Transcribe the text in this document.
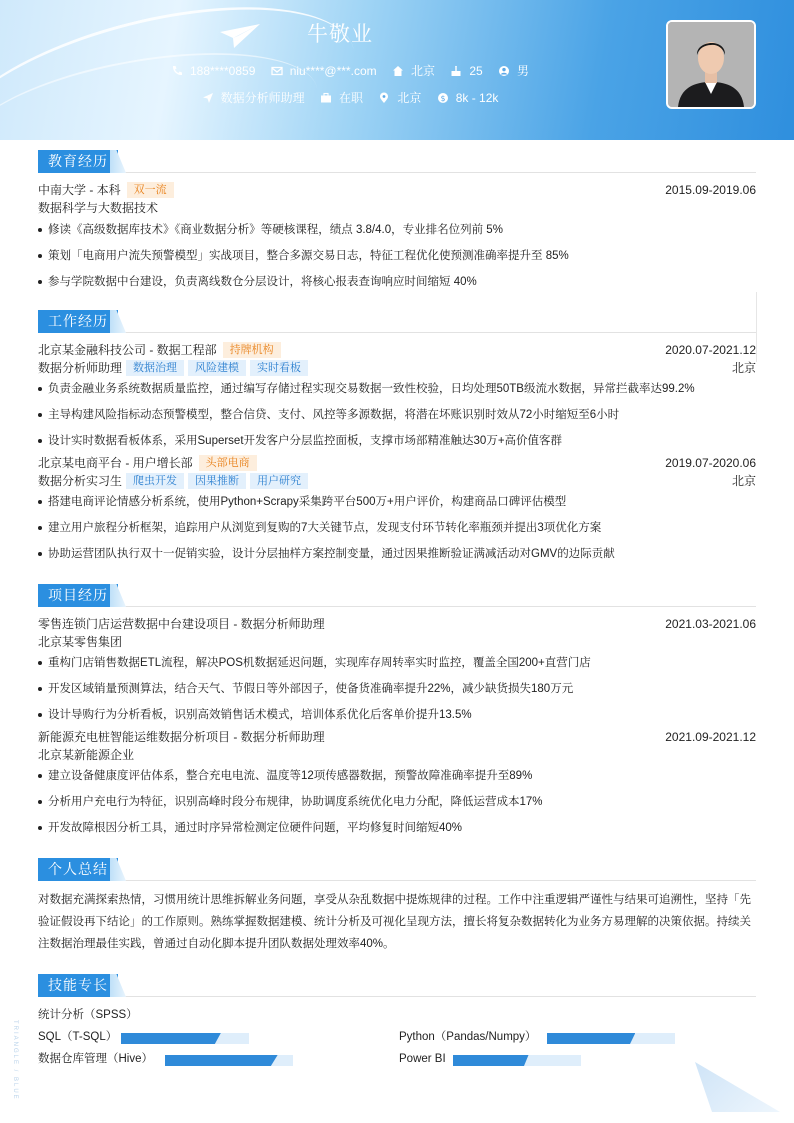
牛敬业
188****0859
	niu****@***.com
	北京
	25
	男
数据分析师助理
	在职
	北京
	$ 8k - 12k
教育经历
中南大学 - 本科 双一流	2015.09-2019.06
数据科学与大数据技术
修读《高级数据库技术》《商业数据分析》等硬核课程，绩点 3.8/4.0，专业排名位列前 5%
策划「电商用户流失预警模型」实战项目，整合多源交易日志，特征工程优化使预测准确率提升至 85%
参与学院数据中台建设，负责离线数仓分层设计，将核心报表查询响应时间缩短 40%
工作经历
北京某金融科技公司 - 数据工程部 持牌机构	2020.07-2021.12
数据分析师助理 数据治理 风险建模 实时看板	北京
负责金融业务系统数据质量监控，通过编写存储过程实现交易数据一致性校验，日均处理50TB级流水数据，异常拦截率达99.2%
主导构建风险指标动态预警模型，整合信贷、支付、风控等多源数据，将潜在坏账识别时效从72小时缩短至6小时
设计实时数据看板体系，采用Superset开发客户分层监控面板，支撑市场部精准触达30万+高价值客群
北京某电商平台 - 用户增长部 头部电商	2019.07-2020.06
数据分析实习生 爬虫开发 因果推断 用户研究	北京
搭建电商评论情感分析系统，使用Python+Scrapy采集跨平台500万+用户评价，构建商品口碑评估模型
建立用户旅程分析框架，追踪用户从浏览到复购的7大关键节点，发现支付环节转化率瓶颈并提出3项优化方案
协助运营团队执行双十一促销实验，设计分层抽样方案控制变量，通过因果推断验证满减活动对GMV的边际贡献
项目经历
零售连锁门店运营数据中台建设项目 - 数据分析师助理	2021.03-2021.06
北京某零售集团
重构门店销售数据ETL流程，解决POS机数据延迟问题，实现库存周转率实时监控，覆盖全国200+直营门店
开发区域销量预测算法，结合天气、节假日等外部因子，使备货准确率提升22%，减少缺货损失180万元
设计导购行为分析看板，识别高效销售话术模式，培训体系优化后客单价提升13.5%
新能源充电桩智能运维数据分析项目 - 数据分析师助理	2021.09-2021.12
北京某新能源企业
建立设备健康度评估体系，整合充电电流、温度等12项传感器数据，预警故障准确率提升至89%
分析用户充电行为特征，识别高峰时段分布规律，协助调度系统优化电力分配，降低运营成本17%
开发故障根因分析工具，通过时序异常检测定位硬件问题，平均修复时间缩短40%
个人总结
对数据充满探索热情，习惯用统计思维拆解业务问题，享受从杂乱数据中提炼规律的过程。工作中注重逻辑严谨性与结果可追溯性，坚持「先验证假设再下结论」的工作原则。熟练掌握数据建模、统计分析及可视化呈现方法，擅长将复杂数据转化为业务方易理解的决策依据。持续关注数据治理最佳实践，曾通过自动化脚本提升团队数据处理效率40%。
技能专长
统计分析（SPSS）
SQL（T-SQL）	Python（Pandas/Numpy）
数据仓库管理（Hive）	Power BI
TRIANGLE / BLUE
